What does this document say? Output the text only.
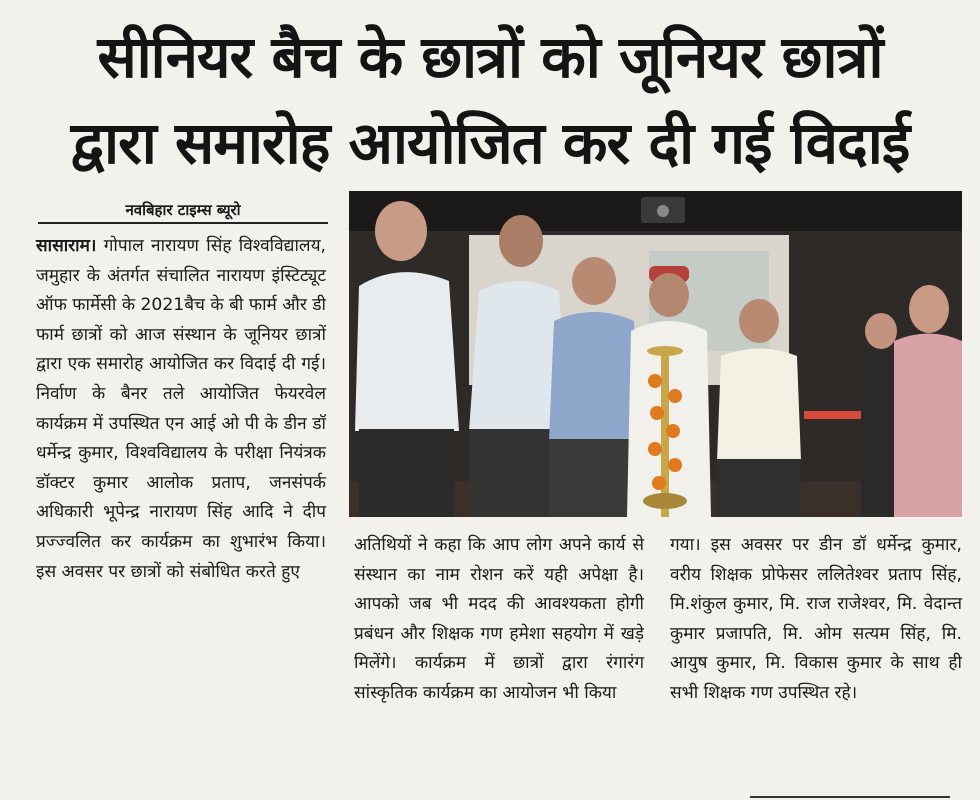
सीनियर बैच के छात्रों को जूनियर छात्रों
द्वारा समारोह आयोजित कर दी गई विदाई
नवबिहार टाइम्स ब्यूरो

सासाराम। गोपाल नारायण सिंह विश्वविद्यालय, जमुहार के अंतर्गत संचालित नारायण इंस्टिट्यूट ऑफ फार्मेसी के 2021बैच के बी फार्म और डी फार्म छात्रों को आज संस्थान के जूनियर छात्रों द्वारा एक समारोह आयोजित कर विदाई दी गई। निर्वाण के बैनर तले आयोजित फेयरवेल कार्यक्रम में उपस्थित एन आई ओ पी के डीन डॉ धर्मेन्द्र कुमार, विश्वविद्यालय के परीक्षा नियंत्रक डॉक्टर कुमार आलोक प्रताप, जनसंपर्क अधिकारी भूपेन्द्र नारायण सिंह आदि ने दीप प्रज्ज्वलित कर कार्यक्रम का शुभारंभ किया। इस अवसर पर छात्रों को संबोधित करते हुए

अतिथियों ने कहा कि आप लोग अपने कार्य से संस्थान का नाम रोशन करें यही अपेक्षा है। आपको जब भी मदद की आवश्यकता होगी प्रबंधन और शिक्षक गण हमेशा सहयोग में खड़े मिलेंगे। कार्यक्रम में छात्रों द्वारा रंगारंग सांस्कृतिक कार्यक्रम का आयोजन भी किया

गया। इस अवसर पर डीन डॉ धर्मेन्द्र कुमार, वरीय शिक्षक प्रोफेसर ललितेश्वर प्रताप सिंह, मि.शंकुल कुमार, मि. राज राजेश्वर, मि. वेदान्त कुमार प्रजापति, मि. ओम सत्यम सिंह, मि. आयुष कुमार, मि. विकास कुमार के साथ ही सभी शिक्षक गण उपस्थित रहे।
